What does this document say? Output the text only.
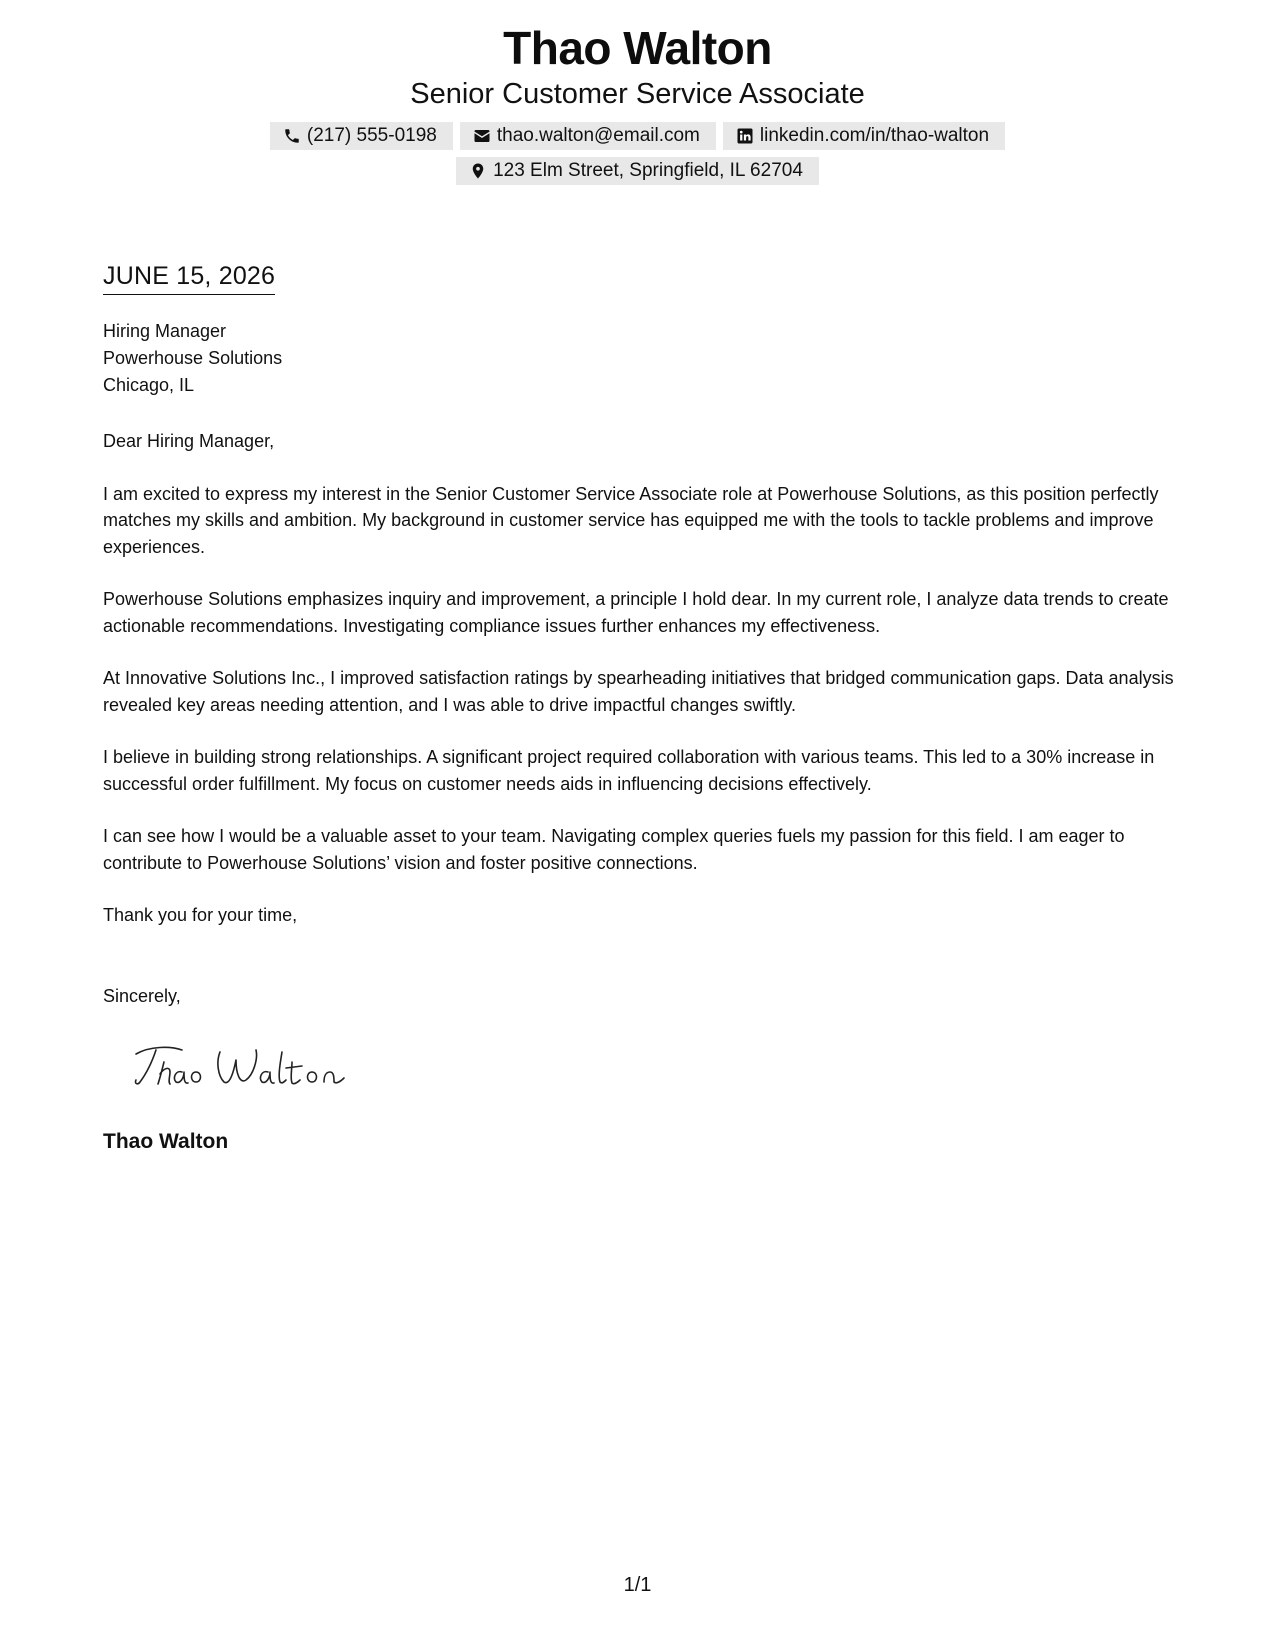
Thao Walton
Senior Customer Service Associate
(217) 555-0198	thao.walton@email.com	linkedin.com/in/thao-walton
123 Elm Street, Springfield, IL 62704
JUNE 15, 2026
Hiring Manager
Powerhouse Solutions
Chicago, IL

Dear Hiring Manager,

I am excited to express my interest in the Senior Customer Service Associate role at Powerhouse Solutions, as this position perfectly matches my skills and ambition. My background in customer service has equipped me with the tools to tackle problems and improve experiences.

Powerhouse Solutions emphasizes inquiry and improvement, a principle I hold dear. In my current role, I analyze data trends to create actionable recommendations. Investigating compliance issues further enhances my effectiveness.

At Innovative Solutions Inc., I improved satisfaction ratings by spearheading initiatives that bridged communication gaps. Data analysis revealed key areas needing attention, and I was able to drive impactful changes swiftly.

I believe in building strong relationships. A significant project required collaboration with various teams. This led to a 30% increase in successful order fulfillment. My focus on customer needs aids in influencing decisions effectively.

I can see how I would be a valuable asset to your team. Navigating complex queries fuels my passion for this field. I am eager to contribute to Powerhouse Solutions’ vision and foster positive connections.

Thank you for your time,

Sincerely,
Thao Walton
1/1
